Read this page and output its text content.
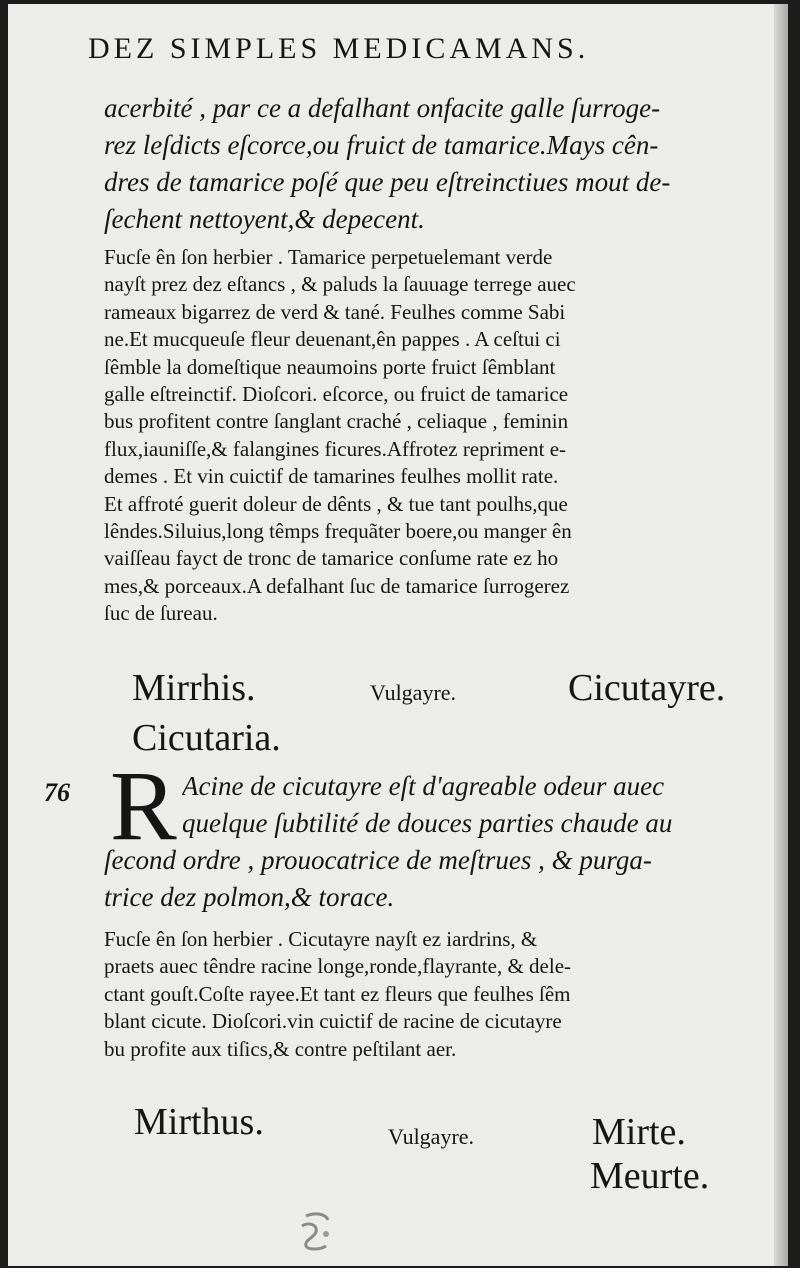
DEZ SIMPLES MEDICAMANS.
acerbité , par ce a defalhant onfacite galle ſurroge-
rez leſdicts eſcorce,ou fruict de tamarice.Mays cên-
dres de tamarice poſé que peu eſtreinctiues mout de-
ſechent nettoyent,& depecent.
Fucſe ên ſon herbier . Tamarice perpetuelemant verde
nayſt prez dez eſtancs , & paluds la ſauuage terrege auec
rameaux bigarrez de verd & tané. Feulhes comme Sabi
ne.Et mucqueuſe fleur deuenant,ên pappes . A ceſtui ci
ſêmble la domeſtique neaumoins porte fruict ſêmblant
galle eſtreinctif. Dioſcori. eſcorce, ou fruict de tamarice
bus profitent contre ſanglant craché , celiaque , feminin
flux,iauniſſe,& falangines ficures.Affrotez repriment e-
demes . Et vin cuictif de tamarines feulhes mollit rate.
Et affroté guerit doleur de dênts , & tue tant poulhs,que
lêndes.Siluius,long têmps frequãter boere,ou manger ên
vaiſſeau fayct de tronc de tamarice conſume rate ez ho
mes,& porceaux.A defalhant ſuc de tamarice ſurrogerez
ſuc de ſureau.
Mirrhis.	Vulgayre.	Cicutayre.
Cicutaria.
76 R Acine de cicutayre eſt d'agreable odeur auec
quelque ſubtilité de douces parties chaude au
ſecond ordre , prouocatrice de meſtrues , & purga-
trice dez polmon,& torace.
Fucſe ên ſon herbier . Cicutayre nayſt ez iardrins, &
praets auec têndre racine longe,ronde,flayrante, & dele-
ctant gouſt.Coſte rayee.Et tant ez fleurs que feulhes ſêm
blant cicute. Dioſcori.vin cuictif de racine de cicutayre
bu profite aux tiſics,& contre peſtilant aer.
Mirthus.	Vulgayre.	Mirte.
Meurte.
